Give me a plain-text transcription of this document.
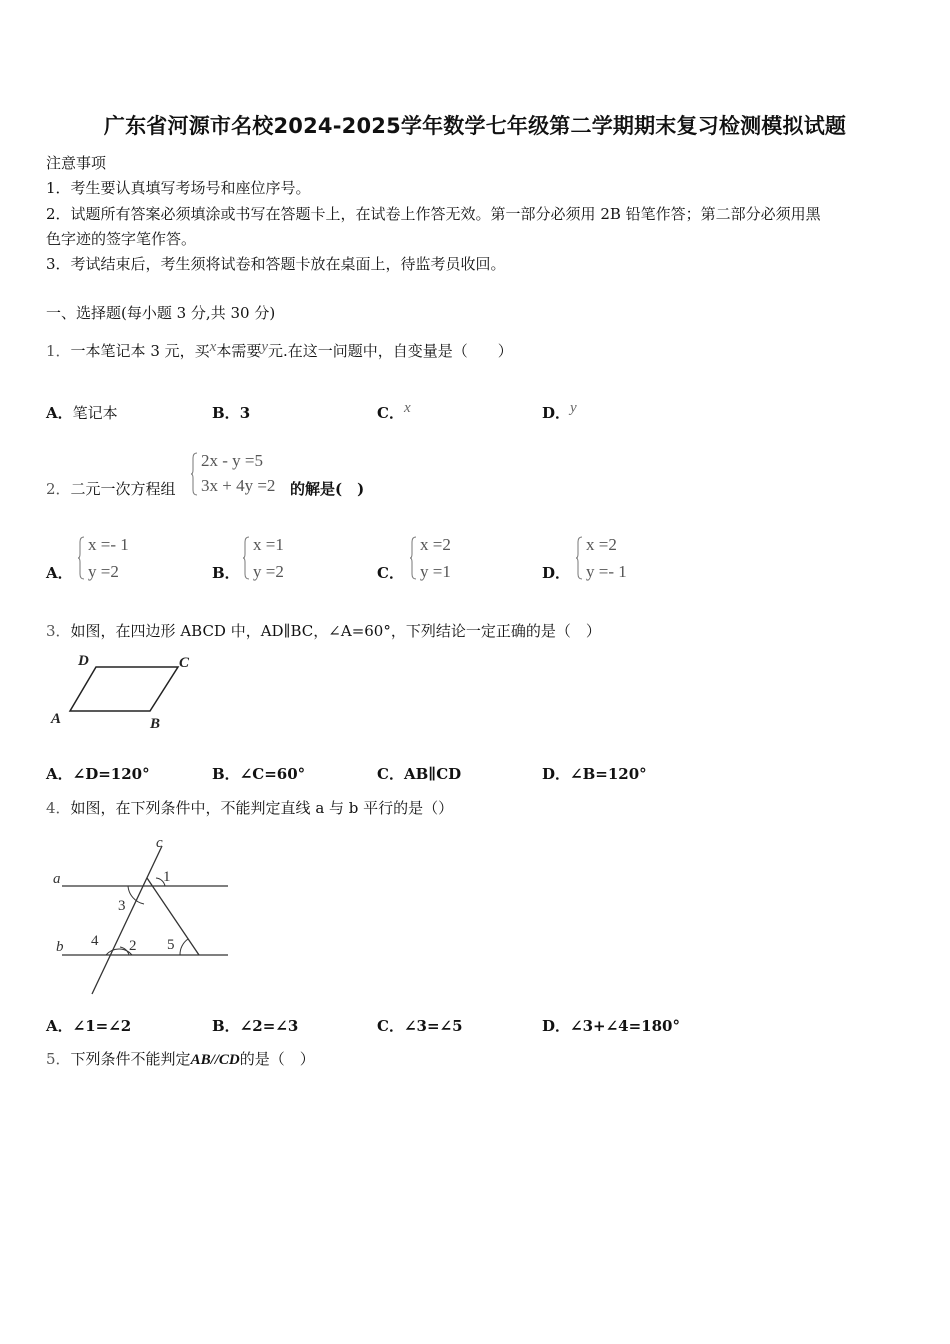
广东省河源市名校2024-2025学年数学七年级第二学期期末复习检测模拟试题
注意事项
1．考生要认真填写考场号和座位序号。
2．试题所有答案必须填涂或书写在答题卡上，在试卷上作答无效。第一部分必须用 2B 铅笔作答；第二部分必须用黑
色字迹的签字笔作答。
3．考试结束后，考生须将试卷和答题卡放在桌面上，待监考员收回。
一、选择题(每小题 3 分,共 30 分)
1．一本笔记本 3 元，买x本需要y元.在这一问题中，自变量是（　　）
A．笔记本	B．3	C．x	D．y
2．二元一次方程组
2x - y =5
3x + 4y =2 的解是(　)
A．
x =- 1
y =2	B．
x =1
y =2	C．
x =2
y =1	D．
x =2
y =- 1
3．如图，在四边形 ABCD 中，AD∥BC，∠A=60°，下列结论一定正确的是（　）
A	B
C
D
A．∠D=120°	B．∠C=60°	C．AB∥CD	D．∠B=120°
4．如图，在下列条件中，不能判定直线 a 与 b 平行的是（）
a
b
c
1
2
3
4	5
A．∠1=∠2	B．∠2=∠3	C．∠3=∠5	D．∠3+∠4=180°
5．下列条件不能判定AB//CD的是（　）
